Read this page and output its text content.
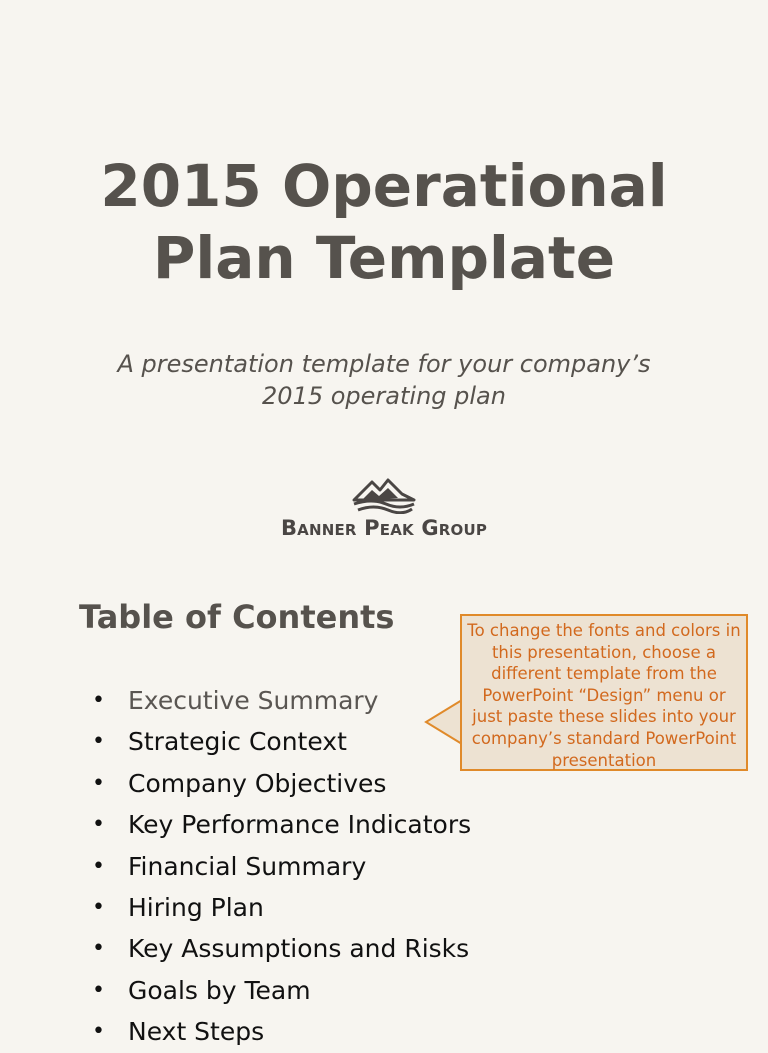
2015 Operational
Plan Template
A presentation template for your company’s
2015 operating plan
Banner Peak Group
Table of Contents
• Executive Summary
• Strategic Context
• Company Objectives
• Key Performance Indicators
• Financial Summary
• Hiring Plan
• Key Assumptions and Risks
• Goals by Team
• Next Steps
To change the fonts and colors in this presentation, choose a different template from the PowerPoint “Design” menu or just paste these slides into your company’s standard PowerPoint presentation
